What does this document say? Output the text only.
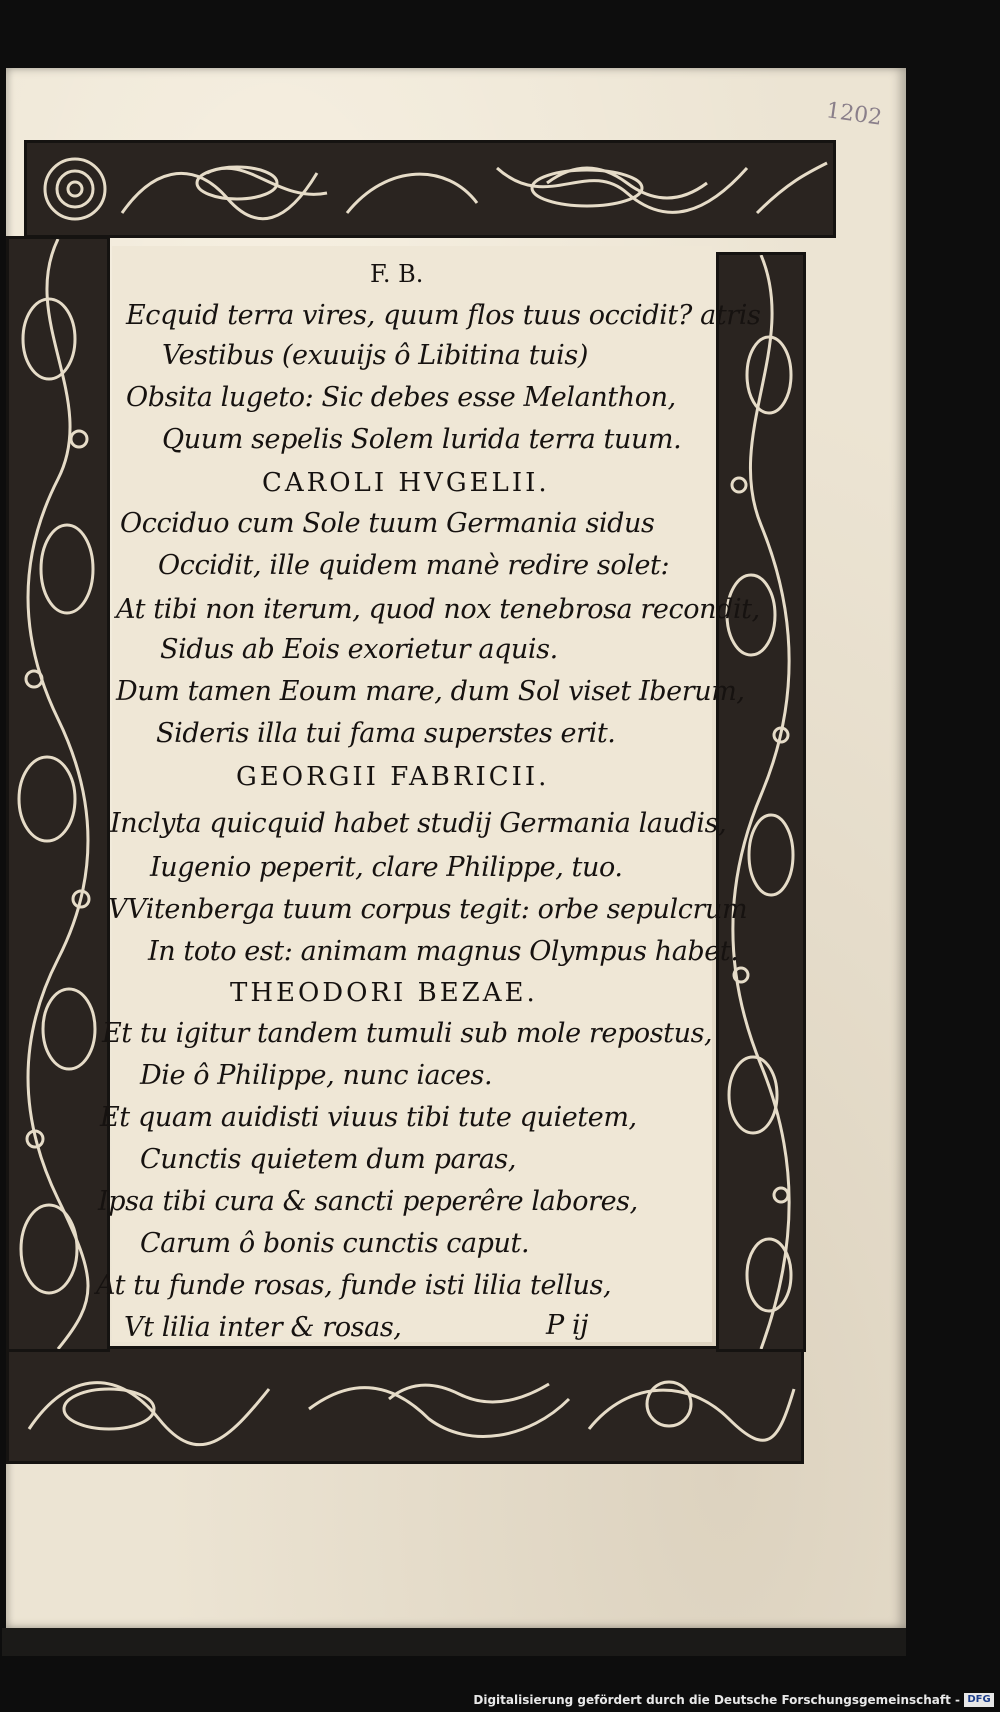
1202
F. B.
Ecquid terra vires, quum flos tuus occidit? atris
Vestibus (exuuijs ô Libitina tuis)
Obsita lugeto: Sic debes esse Melanthon,
Quum sepelis Solem lurida terra tuum.
CAROLI HVGELII.
Occiduo cum Sole tuum Germania sidus
Occidit, ille quidem manè redire solet:
At tibi non iterum, quod nox tenebrosa recondit,
Sidus ab Eois exorietur aquis.
Dum tamen Eoum mare, dum Sol viset Iberum,
Sideris illa tui fama superstes erit.
GEORGII FABRICII.
Inclyta quicquid habet studij Germania laudis,
Iugenio peperit, clare Philippe, tuo.
VVitenberga tuum corpus tegit: orbe sepulcrum
In toto est: animam magnus Olympus habet.
THEODORI BEZAE.
Et tu igitur tandem tumuli sub mole repostus,
Die ô Philippe, nunc iaces.
Et quam auidisti viuus tibi tute quietem,
Cunctis quietem dum paras,
Ipsa tibi cura & sancti peperêre labores,
Carum ô bonis cunctis caput.
At tu funde rosas, funde isti lilia tellus,
Vt lilia inter & rosas,	P ij
Digitalisierung gefördert durch die Deutsche Forschungsgemeinschaft - DFG
